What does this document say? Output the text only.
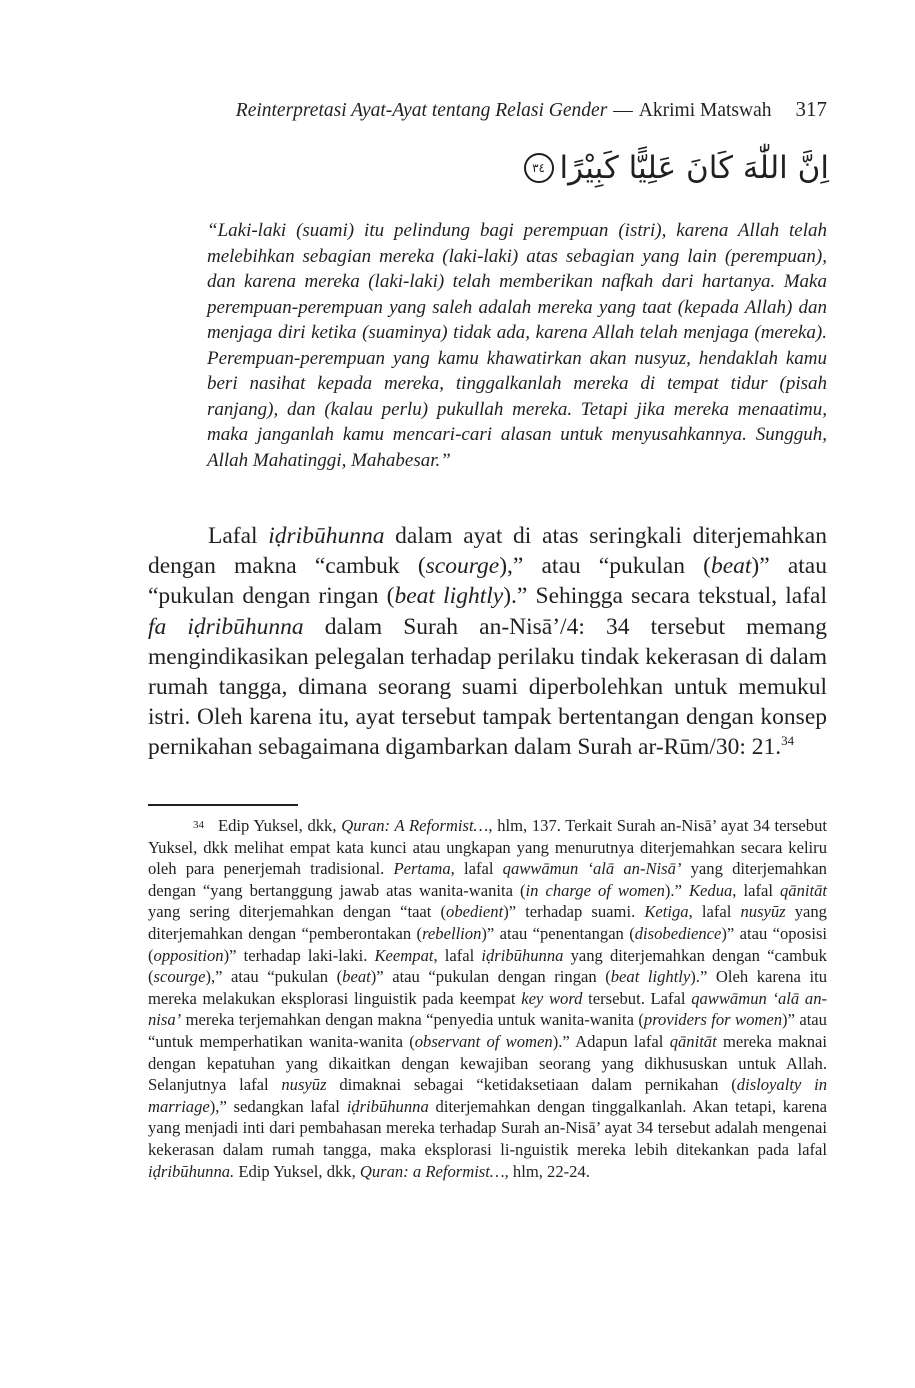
Reinterpretasi Ayat-Ayat tentang Relasi Gender — Akrimi Matswah 317
اِنَّ اللّٰهَ كَانَ عَلِيًّا كَبِيْرًا
٣٤

“Laki-laki (suami) itu pelindung bagi perempuan (istri), karena Allah telah melebihkan sebagian mereka (laki-laki) atas sebagian yang lain (perempuan), dan karena mereka (laki-laki) telah memberikan nafkah dari hartanya. Maka perempuan-perempuan yang saleh adalah mereka yang taat (kepada Allah) dan menjaga diri ketika (suaminya) tidak ada, karena Allah telah menjaga (mereka). Perempuan-perempuan yang kamu khawatirkan akan nusyuz, hendaklah kamu beri nasihat kepada mereka, tinggalkanlah mereka di tempat tidur (pisah ranjang), dan (kalau perlu) pukullah mereka. Tetapi jika mereka menaatimu, maka janganlah kamu mencari-cari alasan untuk menyusahkannya. Sungguh, Allah Mahatinggi, Mahabesar.”

Lafal iḍribūhunna dalam ayat di atas seringkali diterjemahkan dengan makna “cambuk (scourge),” atau “pukulan (beat)” atau “pukulan dengan ringan (beat lightly).” Sehingga secara tekstual, lafal fa iḍribūhunna dalam Surah an-Nisā’/4: 34 tersebut memang mengindikasikan pelegalan terhadap perilaku tindak kekerasan di dalam rumah tangga, dimana seorang suami diperbolehkan untuk memukul istri. Oleh karena itu, ayat tersebut tampak bertentangan dengan konsep pernikahan sebagaimana digambarkan dalam Surah ar-Rūm/30: 21.34

$^{34}$ Edip Yuksel, dkk, Quran: A Reformist…, hlm, 137. Terkait Surah an-Nisā’ ayat 34 tersebut Yuksel, dkk melihat empat kata kunci atau ungkapan yang menurutnya diterjemahkan secara keliru oleh para penerjemah tradisional. Pertama, lafal qawwāmun ‘alā an-Nisā’ yang diterjemahkan dengan “yang bertanggung jawab atas wanita-wanita (in charge of women).” Kedua, lafal qānitāt yang sering diterjemahkan dengan “taat (obedient)” terhadap suami. Ketiga, lafal nusyūz yang diterjemahkan dengan “pemberontakan (rebellion)” atau “penentangan (disobedience)” atau “oposisi (opposition)” terhadap laki-laki. Keempat, lafal iḍribūhunna yang diterjemahkan dengan “cambuk (scourge),” atau “pukulan (beat)” atau “pukulan dengan ringan (beat lightly).” Oleh karena itu mereka melakukan eksplorasi linguistik pada keempat key word tersebut. Lafal qawwāmun ‘alā an-nisa’ mereka terjemahkan dengan makna “penyedia untuk wanita-wanita (providers for women)” atau “untuk memperhatikan wanita-wanita (observant of women).” Adapun lafal qānitāt mereka maknai dengan kepatuhan yang dikaitkan dengan kewajiban seorang yang dikhususkan untuk Allah. Selanjutnya lafal nusyūz dimaknai sebagai “ketidaksetiaan dalam pernikahan (disloyalty in marriage),” sedangkan lafal iḍribūhunna diterjemahkan dengan tinggalkanlah. Akan tetapi, karena yang menjadi inti dari pembahasan mereka terhadap Surah an-Nisā’ ayat 34 tersebut adalah mengenai kekerasan dalam rumah tangga, maka eksplorasi li-nguistik mereka lebih ditekankan pada lafal iḍribūhunna. Edip Yuksel, dkk, Quran: a Reformist…, hlm, 22-24.
